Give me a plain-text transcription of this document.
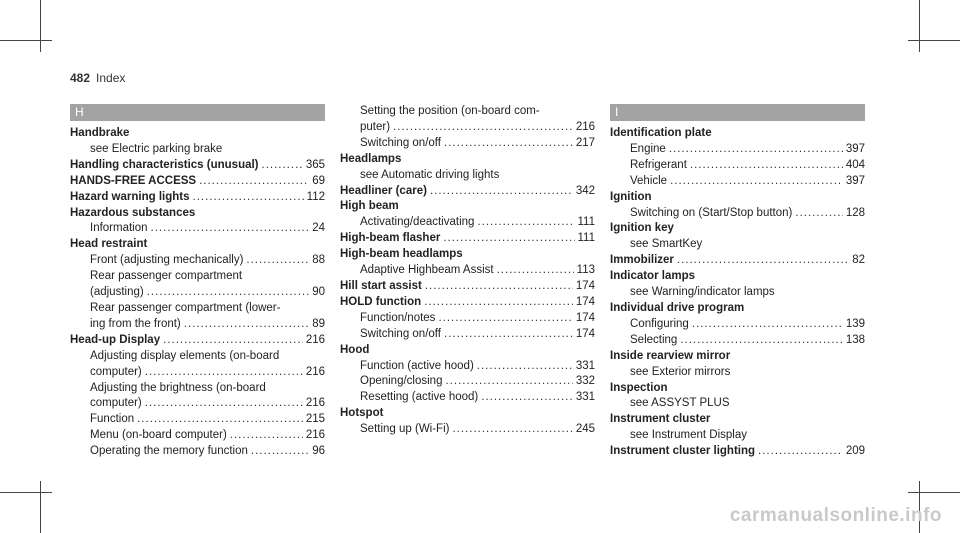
482 Index
H
Handbrake
see Electric parking brake
Handling characteristics (unusual) .....	365
HANDS-FREE ACCESS .....	69
Hazard warning lights .....	112
Hazardous substances
Information .....	24
Head restraint
Front (adjusting mechanically) .....	88
Rear passenger compartment
(adjusting) .....	90
Rear passenger compartment (lower-
ing from the front) .....	89
Head-up Display .....	216
Adjusting display elements (on-board
computer) .....	216
Adjusting the brightness (on-board
computer) .....	216
Function .....	215
Menu (on-board computer) .....	216
Operating the memory function .....	96
Setting the position (on-board com-
puter) .....	216
Switching on/off .....	217
Headlamps
see Automatic driving lights
Headliner (care) .....	342
High beam
Activating/deactivating .....	111
High-beam flasher .....	111
High-beam headlamps
Adaptive Highbeam Assist .....	113
Hill start assist .....	174
HOLD function .....	174
Function/notes .....	174
Switching on/off .....	174
Hood
Function (active hood) .....	331
Opening/closing .....	332
Resetting (active hood) .....	331
Hotspot
Setting up (Wi-Fi) .....	245
I
Identification plate
Engine .....	397
Refrigerant .....	404
Vehicle .....	397
Ignition
Switching on (Start/Stop button) .....	128
Ignition key
see SmartKey
Immobilizer .....	82
Indicator lamps
see Warning/indicator lamps
Individual drive program
Configuring .....	139
Selecting .....	138
Inside rearview mirror
see Exterior mirrors
Inspection
see ASSYST PLUS
Instrument cluster
see Instrument Display
Instrument cluster lighting .....	209
carmanualsonline.info
